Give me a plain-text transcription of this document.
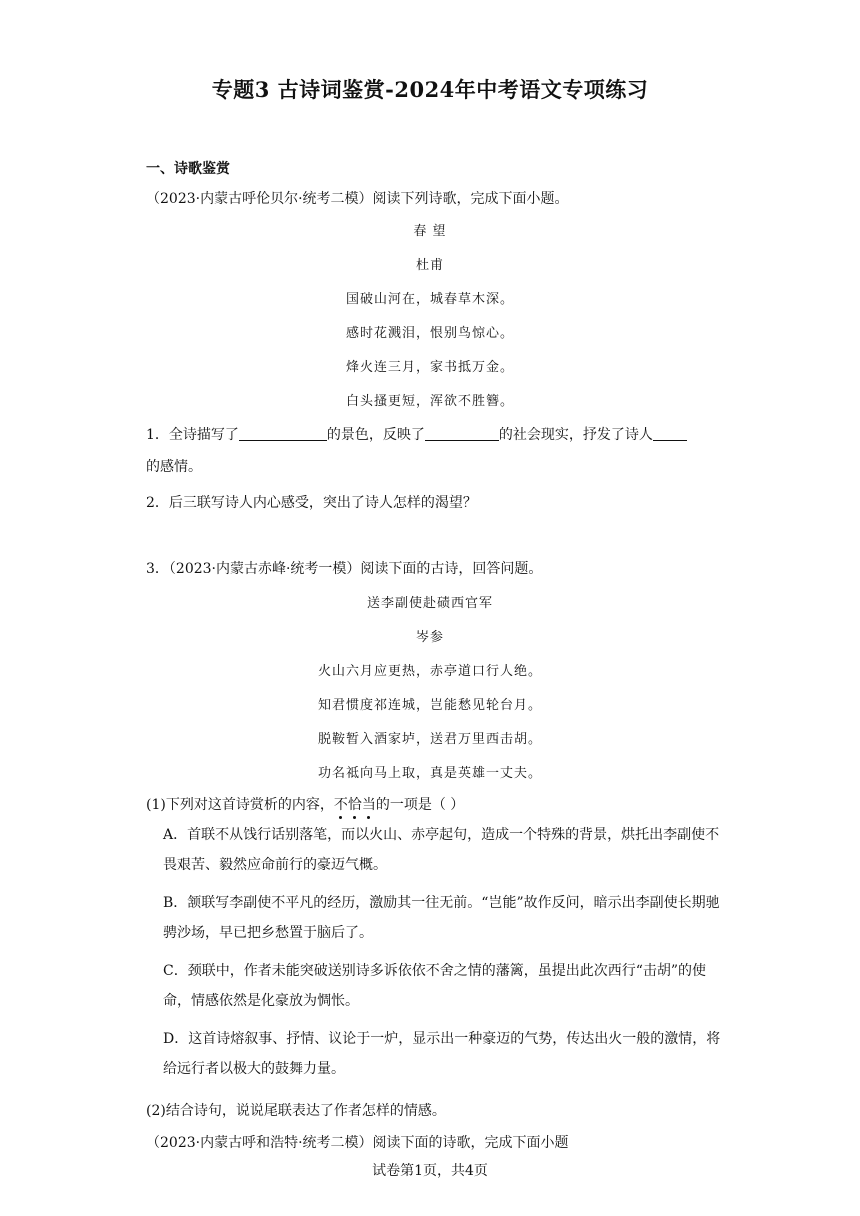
专题3 古诗词鉴赏-2024年中考语文专项练习
一、诗歌鉴赏
（2023·内蒙古呼伦贝尔·统考二模）阅读下列诗歌，完成下面小题。
春 望
杜甫
国破山河在，城春草木深。
感时花溅泪，恨别鸟惊心。
烽火连三月，家书抵万金。
白头搔更短，浑欲不胜簪。
1．全诗描写了	的景色，反映了	的社会现实，抒发了诗人
的感情。
2．后三联写诗人内心感受，突出了诗人怎样的渴望？
3．（2023·内蒙古赤峰·统考一模）阅读下面的古诗，回答问题。
送李副使赴碛西官军
岑参
火山六月应更热，赤亭道口行人绝。
知君惯度祁连城，岂能愁见轮台月。
脱鞍暂入酒家垆，送君万里西击胡。
功名祗向马上取，真是英雄一丈夫。
(1)下列对这首诗赏析的内容，不恰当的一项是（ ）
A．首联不从饯行话别落笔，而以火山、赤亭起句，造成一个特殊的背景，烘托出李副使不畏艰苦、毅然应命前行的豪迈气概。
B．颔联写李副使不平凡的经历，激励其一往无前。“岂能”故作反问，暗示出李副使长期驰骋沙场，早已把乡愁置于脑后了。
C．颈联中，作者未能突破送别诗多诉依依不舍之情的藩篱，虽提出此次西行“击胡”的使命，情感依然是化豪放为惆怅。
D．这首诗熔叙事、抒情、议论于一炉，显示出一种豪迈的气势，传达出火一般的激情，将给远行者以极大的鼓舞力量。
(2)结合诗句，说说尾联表达了作者怎样的情感。
（2023·内蒙古呼和浩特·统考二模）阅读下面的诗歌，完成下面小题
试卷第1页，共4页
